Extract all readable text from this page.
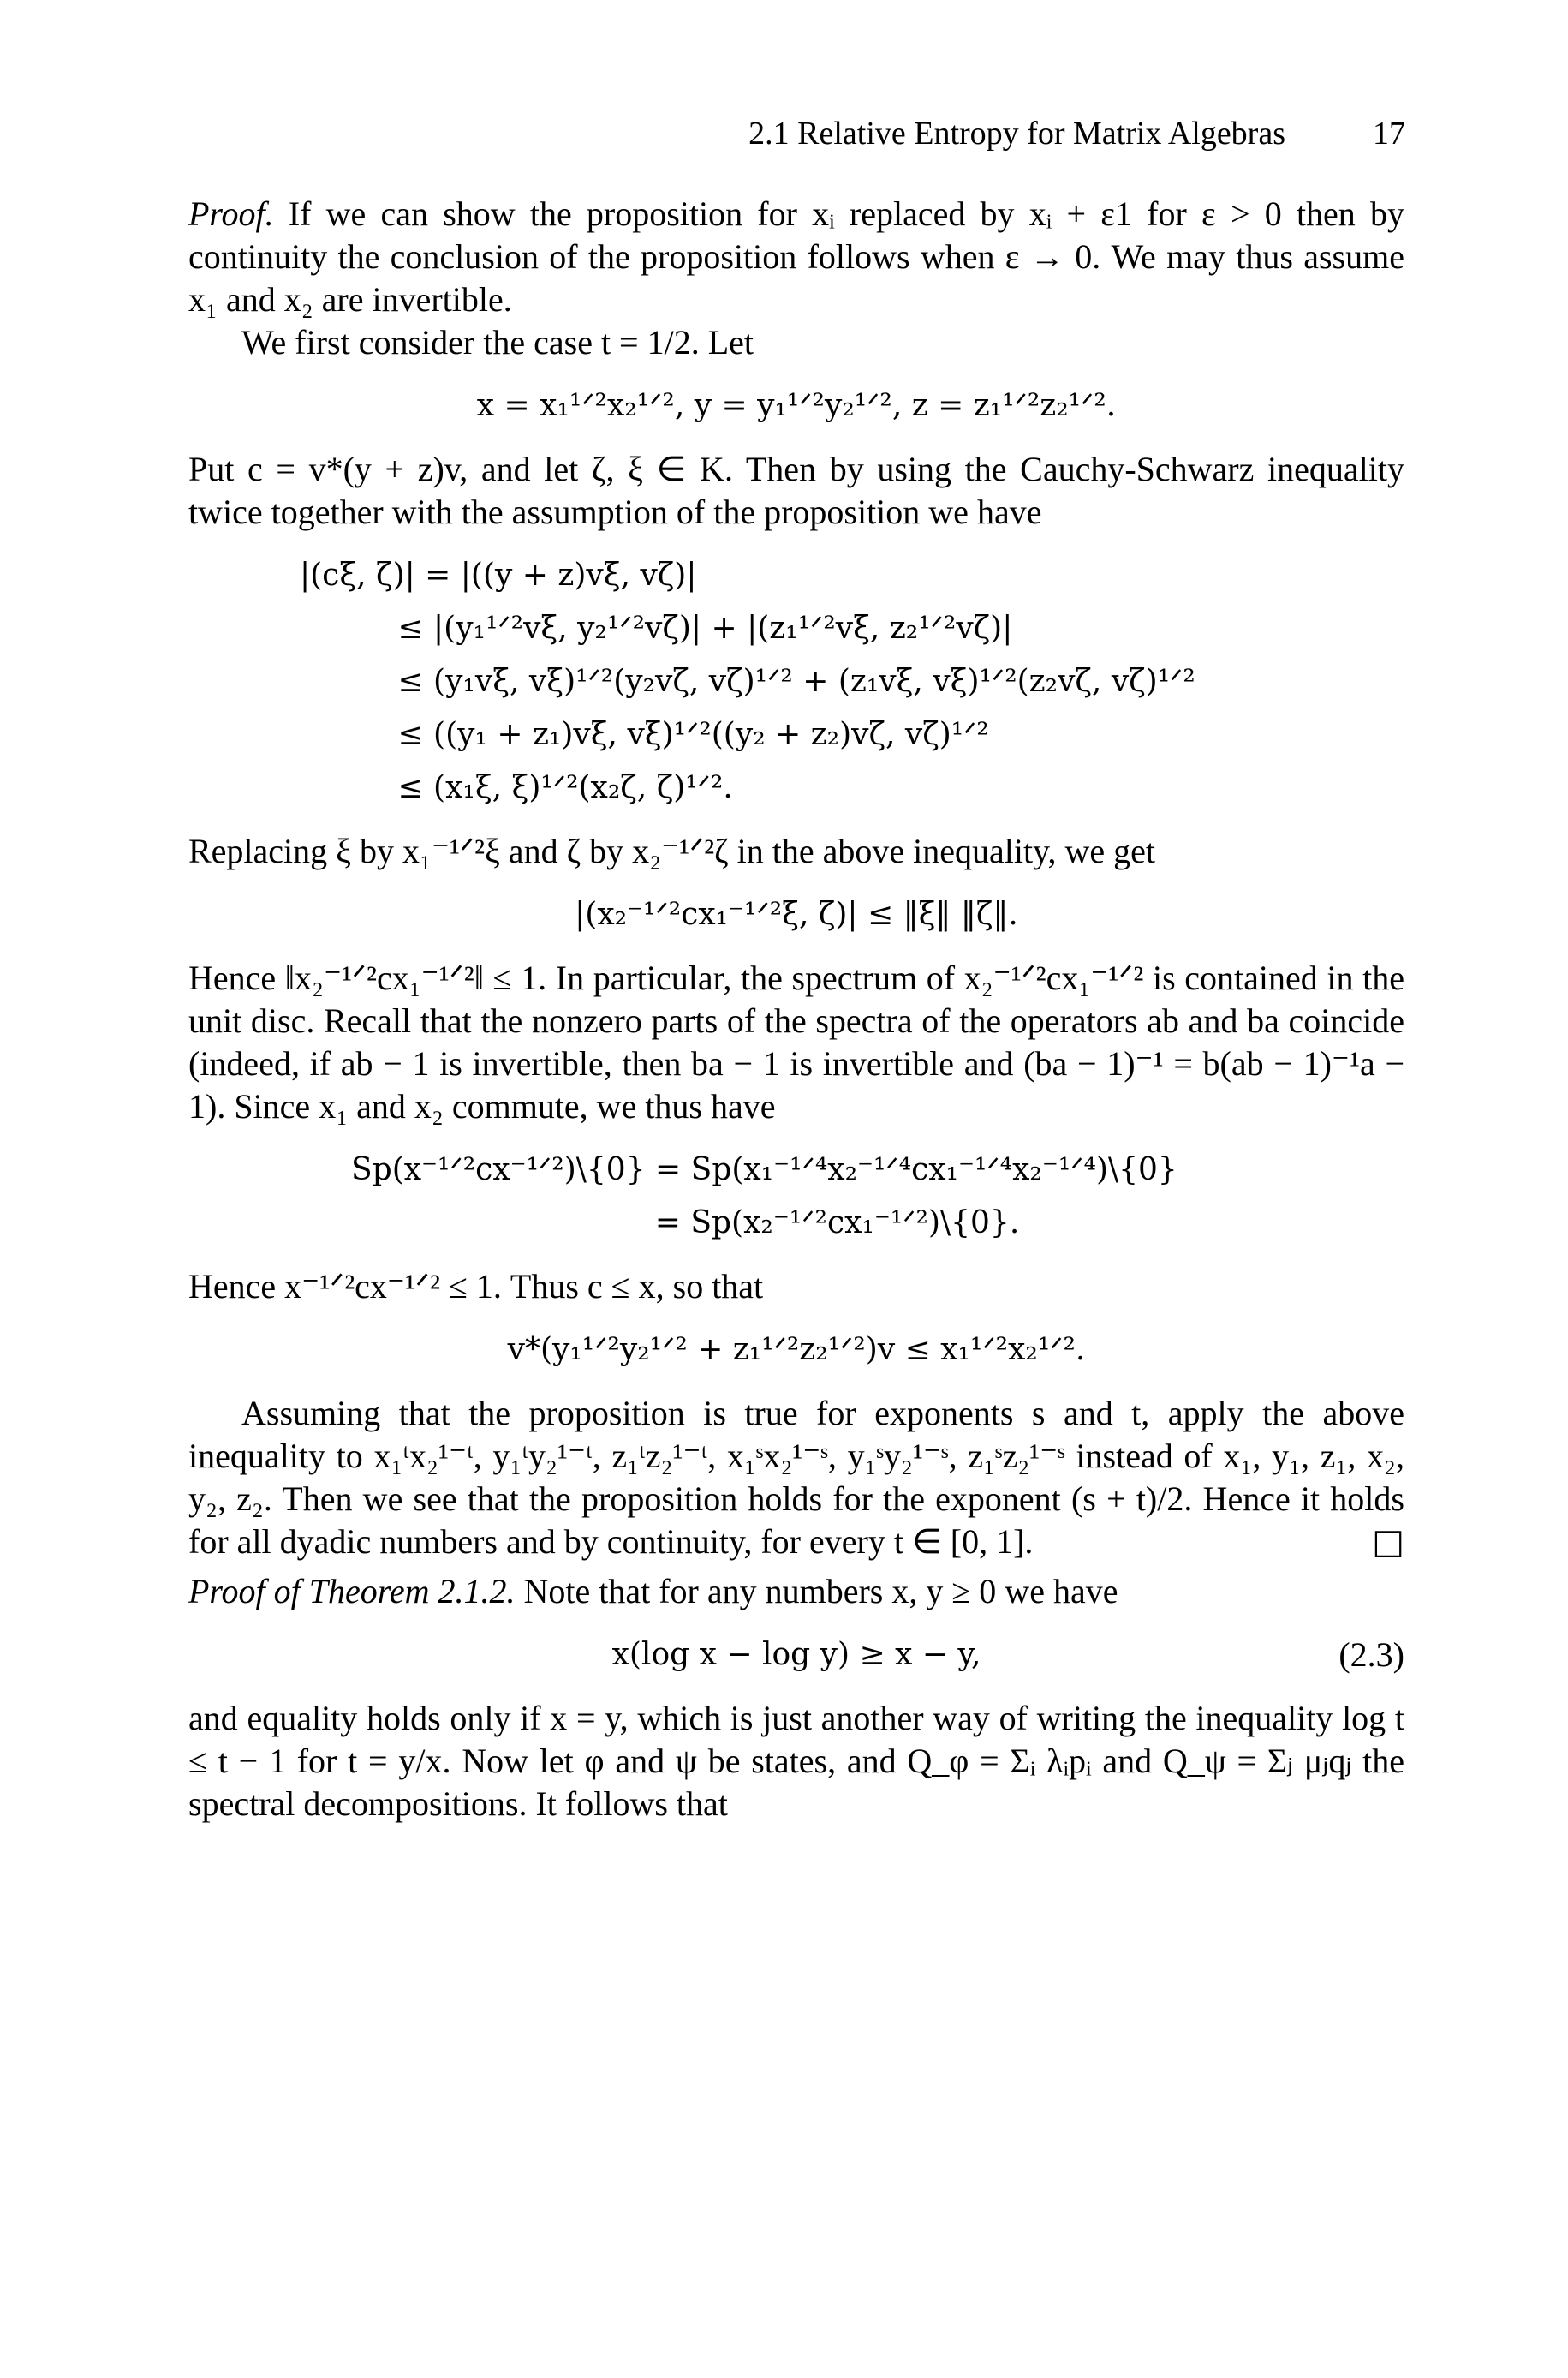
2.1 Relative Entropy for Matrix Algebras	17

Proof. If we can show the proposition for xᵢ replaced by xᵢ + ε1 for ε > 0 then by continuity the conclusion of the proposition follows when ε → 0. We may thus assume x₁ and x₂ are invertible.

We first consider the case t = 1/2. Let

x = x₁¹ᐟ²x₂¹ᐟ², y = y₁¹ᐟ²y₂¹ᐟ², z = z₁¹ᐟ²z₂¹ᐟ².

Put c = v*(y + z)v, and let ζ, ξ ∈ K. Then by using the Cauchy-Schwarz inequality twice together with the assumption of the proposition we have

|(cξ, ζ)| = |((y + z)vξ, vζ)|
≤ |(y₁¹ᐟ²vξ, y₂¹ᐟ²vζ)| + |(z₁¹ᐟ²vξ, z₂¹ᐟ²vζ)|
≤ (y₁vξ, vξ)¹ᐟ²(y₂vζ, vζ)¹ᐟ² + (z₁vξ, vξ)¹ᐟ²(z₂vζ, vζ)¹ᐟ²
≤ ((y₁ + z₁)vξ, vξ)¹ᐟ²((y₂ + z₂)vζ, vζ)¹ᐟ²
≤ (x₁ξ, ξ)¹ᐟ²(x₂ζ, ζ)¹ᐟ².

Replacing ξ by x₁⁻¹ᐟ²ξ and ζ by x₂⁻¹ᐟ²ζ in the above inequality, we get

|(x₂⁻¹ᐟ²cx₁⁻¹ᐟ²ξ, ζ)| ≤ ‖ξ‖ ‖ζ‖.

Hence ‖x₂⁻¹ᐟ²cx₁⁻¹ᐟ²‖ ≤ 1. In particular, the spectrum of x₂⁻¹ᐟ²cx₁⁻¹ᐟ² is contained in the unit disc. Recall that the nonzero parts of the spectra of the operators ab and ba coincide (indeed, if ab − 1 is invertible, then ba − 1 is invertible and (ba − 1)⁻¹ = b(ab − 1)⁻¹a − 1). Since x₁ and x₂ commute, we thus have

Sp(x⁻¹ᐟ²cx⁻¹ᐟ²)\{0} = Sp(x₁⁻¹ᐟ⁴x₂⁻¹ᐟ⁴cx₁⁻¹ᐟ⁴x₂⁻¹ᐟ⁴)\{0}
= Sp(x₂⁻¹ᐟ²cx₁⁻¹ᐟ²)\{0}.

Hence x⁻¹ᐟ²cx⁻¹ᐟ² ≤ 1. Thus c ≤ x, so that

v*(y₁¹ᐟ²y₂¹ᐟ² + z₁¹ᐟ²z₂¹ᐟ²)v ≤ x₁¹ᐟ²x₂¹ᐟ².

Assuming that the proposition is true for exponents s and t, apply the above inequality to x₁ᵗx₂¹⁻ᵗ, y₁ᵗy₂¹⁻ᵗ, z₁ᵗz₂¹⁻ᵗ, x₁ˢx₂¹⁻ˢ, y₁ˢy₂¹⁻ˢ, z₁ˢz₂¹⁻ˢ instead of x₁, y₁, z₁, x₂, y₂, z₂. Then we see that the proposition holds for the exponent (s + t)/2. Hence it holds for all dyadic numbers and by continuity, for every t ∈ [0, 1].	□

Proof of Theorem 2.1.2. Note that for any numbers x, y ≥ 0 we have

x(log x − log y) ≥ x − y,	(2.3)

and equality holds only if x = y, which is just another way of writing the inequality log t ≤ t − 1 for t = y/x. Now let φ and ψ be states, and Q_φ = Σᵢ λᵢpᵢ and Q_ψ = Σⱼ μⱼqⱼ the spectral decompositions. It follows that
